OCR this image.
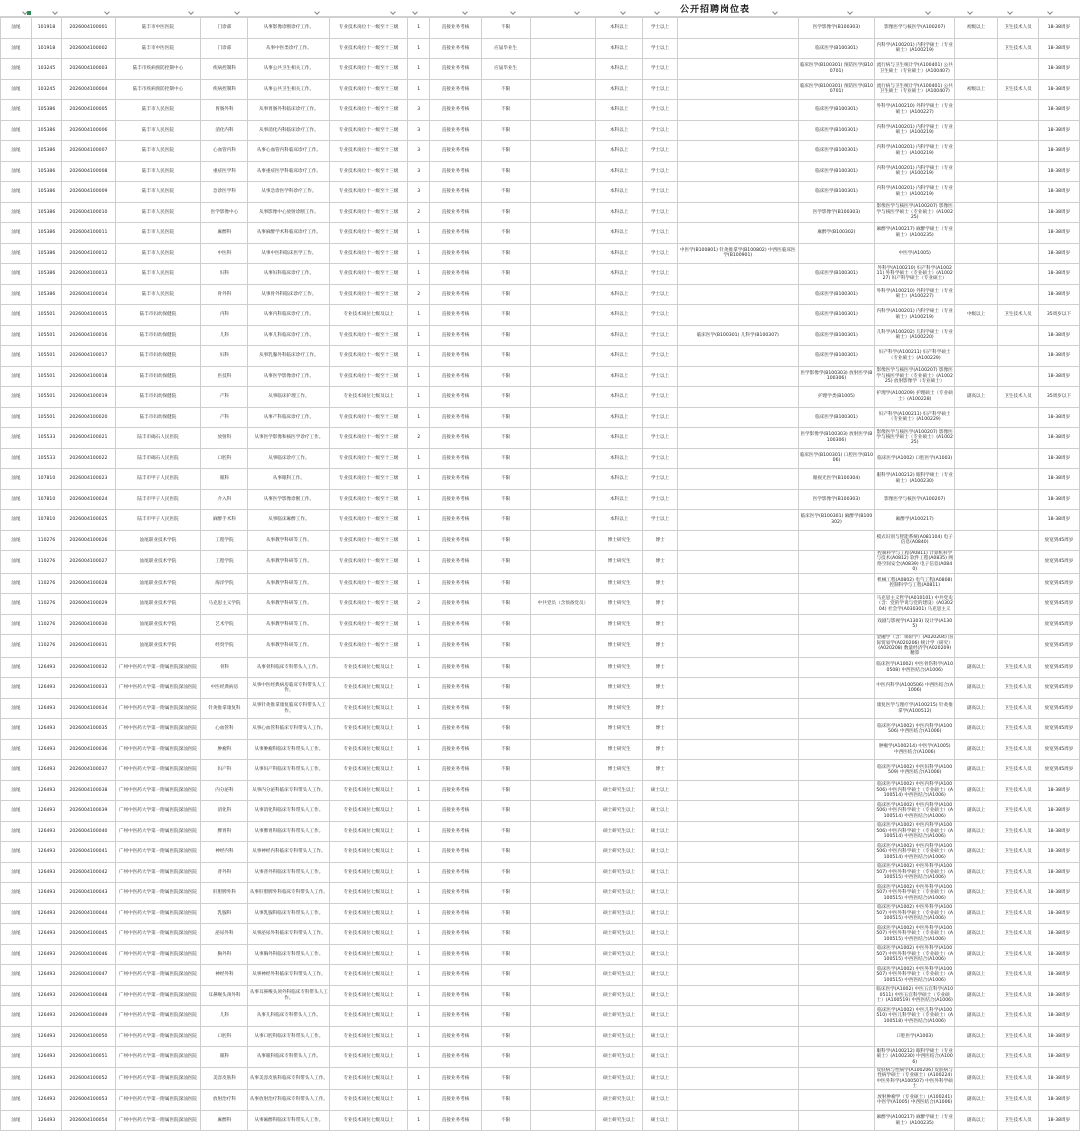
公开招聘岗位表
汕尾	101918	2026004100001	陆丰市中医医院	门诊部	从事影像诊断诊疗工作。	专业技术岗位十一级至十三级	1	直接业务考核	不限		本科以上	学士以上		医学影像学(B100303)	影像医学与核医学(A100207)	初级以上	卫生技术人员	18-38周岁
汕尾	101918	2026004100002	陆丰市中医医院	门诊部	从事中医类诊疗工作。	专业技术岗位十一级至十三级	1	直接业务考核	应届毕业生		本科以上	学士以上		临床医学(B100301)	内科学(A100201) 内科学硕士（专业硕士）(A100219)		卫生技术人员	18-38周岁
汕尾	103245	2026004100003	陆丰市疾病预防控制中心	疾病控制科	从事公共卫生相关工作。	专业技术岗位十一级至十三级	1	直接业务考核	应届毕业生		本科以上	学士以上		临床医学(B100301) 预防医学(B100701)	流行病与卫生统计学(A100401) 公共卫生硕士（专业硕士）(A100407)			18-38周岁
汕尾	103245	2026004100004	陆丰市疾病预防控制中心	疾病控制科	从事公共卫生相关工作。	专业技术岗位十一级至十三级	1	直接业务考核	不限		本科以上	学士以上		临床医学(B100301) 预防医学(B100701)	流行病与卫生统计学(A100401) 公共卫生硕士（专业硕士）(A100407)	初级以上	卫生技术人员	18-38周岁
汕尾	105386	2026004100005	陆丰市人民医院	胃肠外科	从事胃肠外科临床诊疗工作。	专业技术岗位十一级至十三级	3	直接业务考核	不限		本科以上	学士以上		临床医学(B100301)	外科学(A100210) 外科学硕士（专业硕士）(A100227)			18-38周岁
汕尾	105386	2026004100006	陆丰市人民医院	消化内科	从事消化内科临床诊疗工作。	专业技术岗位十一级至十三级	3	直接业务考核	不限		本科以上	学士以上		临床医学(B100301)	内科学(A100201) 内科学硕士（专业硕士）(A100219)			18-38周岁
汕尾	105386	2026004100007	陆丰市人民医院	心血管内科	从事心血管内科临床诊疗工作。	专业技术岗位十一级至十三级	3	直接业务考核	不限		本科以上	学士以上		临床医学(B100301)	内科学(A100201) 内科学硕士（专业硕士）(A100219)			18-38周岁
汕尾	105386	2026004100008	陆丰市人民医院	重症医学科	从事重症医学科临床诊疗工作。	专业技术岗位十一级至十三级	3	直接业务考核	不限		本科以上	学士以上		临床医学(B100301)	内科学(A100201) 内科学硕士（专业硕士）(A100219)			18-38周岁
汕尾	105386	2026004100009	陆丰市人民医院	急诊医学科	从事急诊医学科诊疗工作。	专业技术岗位十一级至十三级	3	直接业务考核	不限		本科以上	学士以上		临床医学(B100301)	内科学(A100201) 内科学硕士（专业硕士）(A100219)			18-38周岁
汕尾	105386	2026004100010	陆丰市人民医院	医学影像中心	从事影像中心放射诊断工作。	专业技术岗位十一级至十三级	2	直接业务考核	不限		本科以上	学士以上		医学影像学(B100303)	影像医学与核医学(A100207) 影像医学与核医学硕士（专业硕士）(A100225)			18-38周岁
汕尾	105386	2026004100011	陆丰市人民医院	麻醉科	从事麻醉学术科临床诊疗工作。	专业技术岗位十一级至十三级	1	直接业务考核	不限		本科以上	学士以上		麻醉学(B100302)	麻醉学(A100217) 麻醉学硕士（专业硕士）(A100235)			18-38周岁
汕尾	105386	2026004100012	陆丰市人民医院	中医科	从事中医科临床医学工作。	专业技术岗位十一级至十三级	1	直接业务考核	不限		本科以上	学士以上	中医学(B100801) 针灸推拿学(B100802) 中西医临床医学(B100901)		中医学(A1005)			18-38周岁
汕尾	105386	2026004100013	陆丰市人民医院	妇科	从事妇科临床诊疗工作。	专业技术岗位十一级至十三级	1	直接业务考核	不限		本科以上	学士以上		临床医学(B100301)	外科学(A100210) 妇产科学(A100211) 外科学硕士（专业硕士）(A100227) 妇产科学硕士（专业硕士）			18-38周岁
汕尾	105386	2026004100014	陆丰市人民医院	骨外科	从事骨外科临床诊疗工作。	专业技术岗位十一级至十三级	2	直接业务考核	不限		本科以上	学士以上		临床医学(B100301)	外科学(A100210) 外科学硕士（专业硕士）(A100227)			18-38周岁
汕尾	105501	2026004100015	陆丰市妇幼保健院	内科	从事内科临床诊疗工作。	专业技术岗位七级及以上	1	直接业务考核	不限		本科以上	学士以上		临床医学(B100301)	内科学(A100201) 内科学硕士（专业硕士）(A100219)	中级以上	卫生技术人员	35周岁以下
汕尾	105501	2026004100016	陆丰市妇幼保健院	儿科	从事儿科临床诊疗工作。	专业技术岗位十一级至十三级	1	直接业务考核	不限		本科以上	学士以上	临床医学(B100301) 儿科学(B100307)	临床医学(B100301)	儿科学(A100202) 儿科学硕士（专业硕士）(A100220)			18-38周岁
汕尾	105501	2026004100017	陆丰市妇幼保健院	妇科	从事乳腺外科临床诊疗工作。	专业技术岗位十一级至十三级	1	直接业务考核	不限		本科以上	学士以上		临床医学(B100301)	妇产科学(A100211) 妇产科学硕士（专业硕士）(A100229)			18-38周岁
汕尾	105501	2026004100018	陆丰市妇幼保健院	医技科	从事医学影像诊疗工作。	专业技术岗位十一级至十三级	1	直接业务考核	不限		本科以上	学士以上		医学影像学(B100303) 放射医学(B100306)	影像医学与核医学(A100207) 影像医学与核医学硕士（专业硕士）(A100225) 放射影像学（专业硕士）			18-38周岁
汕尾	105501	2026004100019	陆丰市妇幼保健院	产科	从事临床护理工作。	专业技术岗位七级及以上	1	直接业务考核	不限		本科以上	学士以上		护理学类(B1005)	护理学(A100209) 护理硕士（专业硕士）(A100228)	副高以上	卫生技术人员	35周岁以下
汕尾	105501	2026004100020	陆丰市妇幼保健院	产科	从事产科临床诊疗工作。	专业技术岗位十一级至十三级	1	直接业务考核	不限		本科以上	学士以上		临床医学(B100301)	妇产科学(A100211) 妇产科学硕士（专业硕士）(A100229)			18-38周岁
汕尾	105533	2026004100021	陆丰市碣石人民医院	放射科	从事医学影像和核医学诊疗工作。	专业技术岗位十一级至十三级	2	直接业务考核	不限		本科以上	学士以上		医学影像学(B100303) 放射医学(B100306)	影像医学与核医学(A100207) 影像医学与核医学硕士（专业硕士）(A100225)			18-38周岁
汕尾	105533	2026004100022	陆丰市碣石人民医院	口腔科	从事临床诊疗工作。	专业技术岗位十一级至十三级	1	直接业务考核	不限		本科以上	学士以上		临床医学(B100301) 口腔医学(B1006)	临床医学(A1002) 口腔医学(A1003)			18-38周岁
汕尾	107810	2026004100023	陆丰市甲子人民医院	眼科	从事眼科工作。	专业技术岗位十一级至十三级	1	直接业务考核	不限		本科以上	学士以上		眼视光医学(B100304)	眼科学(A100212) 眼科学硕士（专业硕士）(A100230)			18-38周岁
汕尾	107810	2026004100024	陆丰市甲子人民医院	介入科	从事医学影像诊断工作。	专业技术岗位十一级至十三级	1	直接业务考核	不限		本科以上	学士以上		医学影像学(B100303)	影像医学与核医学(A100207)			18-38周岁
汕尾	107810	2026004100025	陆丰市甲子人民医院	麻醉手术科	从事临床麻醉工作。	专业技术岗位十一级至十三级	1	直接业务考核	不限		本科以上	学士以上		临床医学(B100301) 麻醉学(B100302)	麻醉学(A100217)			18-38周岁
汕尾	110276	2026004100026	汕尾职业技术学院	工程学院	从事教学科研等工作。	专业技术岗位十一级至十三级	1	直接业务考核	不限		博士研究生	博士			模式识别与智能系统(A081104) 电子信息(A0840)			放宽到45周岁
汕尾	110276	2026004100027	汕尾职业技术学院	工程学院	从事教学科研等工作。	专业技术岗位十一级至十三级	1	直接业务考核	不限		博士研究生	博士			控制科学与工程(A0811) 计算机科学与技术(A0812) 软件工程(A0835) 网络空间安全(A0839) 电子信息(A0840)			放宽到45周岁
汕尾	110276	2026004100028	汕尾职业技术学院	海洋学院	从事教学科研等工作。	专业技术岗位十一级至十三级	1	直接业务考核	不限		博士研究生	博士			机械工程(A0802) 电气工程(A0808) 控制科学与工程(A0811)			放宽到45周岁
汕尾	110276	2026004100029	汕尾职业技术学院	马克思主义学院	从事教学科研等工作。	专业技术岗位十一级至十三级	2	直接业务考核	不限	中共党员（含预备党员）	博士研究生	博士			马克思主义哲学(A010101) 中共党史（含：党的学说与党的建设）(A030204) 社会学(A030301) 马克思主义			放宽到45周岁
汕尾	110276	2026004100030	汕尾职业技术学院	艺术学院	从事教学科研等工作。	专业技术岗位十一级至十三级	1	直接业务考核	不限		博士研究生	博士			戏剧与影视学(A1303) 设计学(A1305)			放宽到45周岁
汕尾	110276	2026004100031	汕尾职业技术学院	经贸学院	从事教学科研等工作。	专业技术岗位十一级至十三级	1	直接业务考核	不限		博士研究生	博士			金融学（含：保险学）(A020204) 国际贸易学(A020206) 统计学（研究）(A020208) 数量经济学(A020209) 精算			放宽到45周岁
汕尾	126493	2026004100032	广州中医药大学第一附属医院深汕医院	骨科	从事骨科临床专科带头人工作。	专业技术岗位七级及以上	1	直接业务考核	不限		博士研究生	博士			临床医学(A1002) 中医骨伤科学(A100508) 中西医结合(A1006)	副高以上	卫生技术人员	放宽到45周岁
汕尾	126493	2026004100033	广州中医药大学第一附属医院深汕医院	中医经典病房	从事中医经典病房临床专科带头人工作。	专业技术岗位七级及以上	1	直接业务考核	不限		博士研究生	博士			中医内科学(A100506) 中西医结合(A1006)	副高以上	卫生技术人员	放宽到45周岁
汕尾	126493	2026004100034	广州中医药大学第一附属医院深汕医院	针灸推拿康复科	从事针灸推拿康复临床专科带头人工作。	专业技术岗位七级及以上	1	直接业务考核	不限		博士研究生	博士			康复医学与理疗学(A100215) 针灸推拿学(A100512)	副高以上	卫生技术人员	放宽到45周岁
汕尾	126493	2026004100035	广州中医药大学第一附属医院深汕医院	心血管科	从事心血管科临床专科带头人工作。	专业技术岗位七级及以上	1	直接业务考核	不限		博士研究生	博士			临床医学(A1002) 中医内科学(A100506) 中西医结合(A1006)	副高以上	卫生技术人员	放宽到45周岁
汕尾	126493	2026004100036	广州中医药大学第一附属医院深汕医院	肿瘤科	从事肿瘤科临床专科带头人工作。	专业技术岗位七级及以上	1	直接业务考核	不限		博士研究生	博士			肿瘤学(A100214) 中医学(A1005) 中西医结合(A1006)	副高以上	卫生技术人员	放宽到45周岁
汕尾	126493	2026004100037	广州中医药大学第一附属医院深汕医院	妇产科	从事妇产科临床专科带头人工作。	专业技术岗位七级及以上	1	直接业务考核	不限		博士研究生	博士			临床医学(A1002) 中医妇科学(A100509) 中西医结合(A1006)	副高以上	卫生技术人员	放宽到45周岁
汕尾	126493	2026004100038	广州中医药大学第一附属医院深汕医院	内分泌科	从事内分泌科临床专科带头人工作。	专业技术岗位七级及以上	1	直接业务考核	不限		硕士研究生以上	硕士以上			临床医学(A1002) 中医内科学(A100506) 中医内科学硕士（专业硕士）(A100514) 中西医结合(A1006)	副高以上	卫生技术人员	18-38周岁
汕尾	126493	2026004100039	广州中医药大学第一附属医院深汕医院	消化科	从事消化科临床专科带头人工作。	专业技术岗位七级及以上	1	直接业务考核	不限		硕士研究生以上	硕士以上			临床医学(A1002) 中医内科学(A100506) 中医内科学硕士（专业硕士）(A100514) 中西医结合(A1006)	副高以上	卫生技术人员	18-38周岁
汕尾	126493	2026004100040	广州中医药大学第一附属医院深汕医院	脾胃科	从事脾胃科临床专科带头人工作。	专业技术岗位七级及以上	1	直接业务考核	不限		硕士研究生以上	硕士以上			临床医学(A1002) 中医内科学(A100506) 中医内科学硕士（专业硕士）(A100514) 中西医结合(A1006)	副高以上	卫生技术人员	18-38周岁
汕尾	126493	2026004100041	广州中医药大学第一附属医院深汕医院	神经内科	从事神经内科临床专科带头人工作。	专业技术岗位七级及以上	1	直接业务考核	不限		硕士研究生以上	硕士以上			临床医学(A1002) 中医内科学(A100506) 中医内科学硕士（专业硕士）(A100514) 中西医结合(A1006)	副高以上	卫生技术人员	18-38周岁
汕尾	126493	2026004100042	广州中医药大学第一附属医院深汕医院	普外科	从事普外科临床专科带头人工作。	专业技术岗位七级及以上	1	直接业务考核	不限		硕士研究生以上	硕士以上			临床医学(A1002) 中医外科学(A100507) 中医外科学硕士（专业硕士）(A100515) 中西医结合(A1006)	副高以上	卫生技术人员	18-38周岁
汕尾	126493	2026004100043	广州中医药大学第一附属医院深汕医院	肝胆脾外科	从事肝胆脾外科临床专科带头人工作。	专业技术岗位七级及以上	1	直接业务考核	不限		硕士研究生以上	硕士以上			临床医学(A1002) 中医外科学(A100507) 中医外科学硕士（专业硕士）(A100515) 中西医结合(A1006)	副高以上	卫生技术人员	18-38周岁
汕尾	126493	2026004100044	广州中医药大学第一附属医院深汕医院	乳腺科	从事乳腺科临床专科带头人工作。	专业技术岗位七级及以上	1	直接业务考核	不限		硕士研究生以上	硕士以上			临床医学(A1002) 中医外科学(A100507) 中医外科学硕士（专业硕士）(A100515) 中西医结合(A1006)	副高以上	卫生技术人员	18-38周岁
汕尾	126493	2026004100045	广州中医药大学第一附属医院深汕医院	泌尿外科	从事泌尿外科临床专科带头人工作。	专业技术岗位七级及以上	1	直接业务考核	不限		硕士研究生以上	硕士以上			临床医学(A1002) 中医外科学(A100507) 中医外科学硕士（专业硕士）(A100515) 中西医结合(A1006)	副高以上	卫生技术人员	18-38周岁
汕尾	126493	2026004100046	广州中医药大学第一附属医院深汕医院	胸外科	从事胸外科临床专科带头人工作。	专业技术岗位七级及以上	1	直接业务考核	不限		硕士研究生以上	硕士以上			临床医学(A1002) 中医外科学(A100507) 中医外科学硕士（专业硕士）(A100515) 中西医结合(A1006)	副高以上	卫生技术人员	18-38周岁
汕尾	126493	2026004100047	广州中医药大学第一附属医院深汕医院	神经外科	从事神经外科临床专科带头人工作。	专业技术岗位七级及以上	1	直接业务考核	不限		硕士研究生以上	硕士以上			临床医学(A1002) 中医外科学(A100507) 中医外科学硕士（专业硕士）(A100515) 中西医结合(A1006)	副高以上	卫生技术人员	18-38周岁
汕尾	126493	2026004100048	广州中医药大学第一附属医院深汕医院	耳鼻喉头颈外科	从事耳鼻喉头颈外科临床专科带头人工作。	专业技术岗位七级及以上	1	直接业务考核	不限		硕士研究生以上	硕士以上			临床医学(A1002) 中医五官科学(A100511) 中医五官科学硕士（专业硕士）(A100519) 中西医结合(A1006)	副高以上	卫生技术人员	18-38周岁
汕尾	126493	2026004100049	广州中医药大学第一附属医院深汕医院	儿科	从事儿科临床专科带头人工作。	专业技术岗位七级及以上	1	直接业务考核	不限		硕士研究生以上	硕士以上			临床医学(A1002) 中医儿科学(A100510) 中医儿科学硕士（专业硕士）(A100518) 中西医结合(A1006)	副高以上	卫生技术人员	18-38周岁
汕尾	126493	2026004100050	广州中医药大学第一附属医院深汕医院	口腔科	从事口腔科临床专科带头人工作。	专业技术岗位七级及以上	1	直接业务考核	不限		硕士研究生以上	硕士以上			口腔医学(A1003)	副高以上	卫生技术人员	18-38周岁
汕尾	126493	2026004100051	广州中医药大学第一附属医院深汕医院	眼科	从事眼科临床专科带头人工作。	专业技术岗位七级及以上	1	直接业务考核	不限		硕士研究生以上	硕士以上			眼科学(A100212) 眼科学硕士（专业硕士）(A100230) 中西医结合(A1006)	副高以上	卫生技术人员	18-38周岁
汕尾	126493	2026004100052	广州中医药大学第一附属医院深汕医院	美容皮肤科	从事美容皮肤科临床专科带头人工作。	专业技术岗位七级及以上	1	直接业务考核	不限		硕士研究生以上	硕士以上			皮肤病与性病学(A100206) 皮肤病与性病学硕士（专业硕士）(A100224) 中医外科学(A100507) 中医外科学硕士	副高以上	卫生技术人员	18-38周岁
汕尾	126493	2026004100053	广州中医药大学第一附属医院深汕医院	放射治疗科	从事放射治疗科临床专科带头人工作。	专业技术岗位七级及以上	1	直接业务考核	不限		硕士研究生以上	硕士以上			放射肿瘤学（专业硕士）(A100241) 中医学(A1005) 中西医结合(A1006)	副高以上	卫生技术人员	18-38周岁
汕尾	126493	2026004100054	广州中医药大学第一附属医院深汕医院	麻醉科	从事麻醉科临床专科带头人工作。	专业技术岗位七级及以上	1	直接业务考核	不限		硕士研究生以上	硕士以上			麻醉学(A100217) 麻醉学硕士（专业硕士）(A100235)	副高以上	卫生技术人员	18-38周岁
